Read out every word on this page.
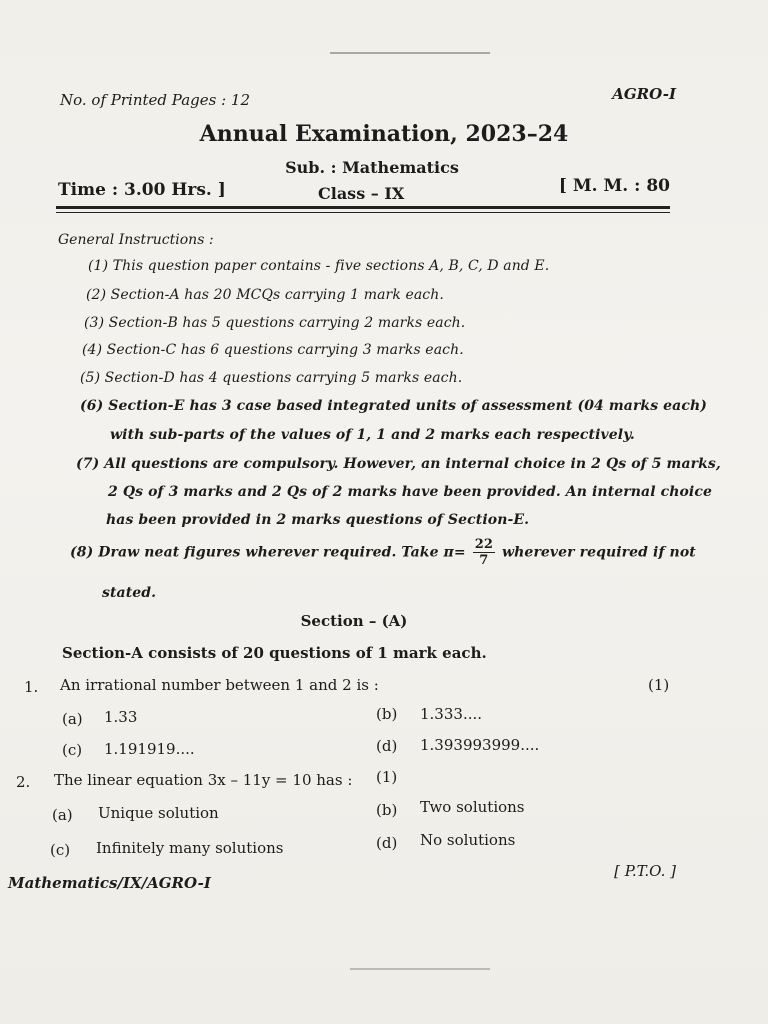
No. of Printed Pages : 12	AGRO-I
Annual Examination, 2023–24
Sub. : Mathematics
Time : 3.00 Hrs. ]	Class – IX	[ M. M. : 80
General Instructions :
(1) This question paper contains - five sections A, B, C, D and E.
(2) Section-A has 20 MCQs carrying 1 mark each.
(3) Section-B has 5 questions carrying 2 marks each.
(4) Section-C has 6 questions carrying 3 marks each.
(5) Section-D has 4 questions carrying 5 marks each.
(6) Section-E has 3 case based integrated units of assessment (04 marks each)
with sub-parts of the values of 1, 1 and 2 marks each respectively.
(7) All questions are compulsory. However, an internal choice in 2 Qs of 5 marks,
2 Qs of 3 marks and 2 Qs of 2 marks have been provided. An internal choice
has been provided in 2 marks questions of Section-E.
(8) Draw neat figures wherever required. Take $\pi= \frac{22}{7}$ wherever required if not
stated.
Section – (A)
Section-A consists of 20 questions of 1 mark each.
1. An irrational number between 1 and 2 is :	(1)
(a) 1.33	(b) 1.333....
(c) 1.191919....	(d) 1.393993999....
2. The linear equation 3x – 11y = 10 has : (1)
(a) Unique solution	(b) Two solutions
(c) Infinitely many solutions	(d) No solutions
Mathematics/IX/AGRO-I
[ P.T.O. ]
